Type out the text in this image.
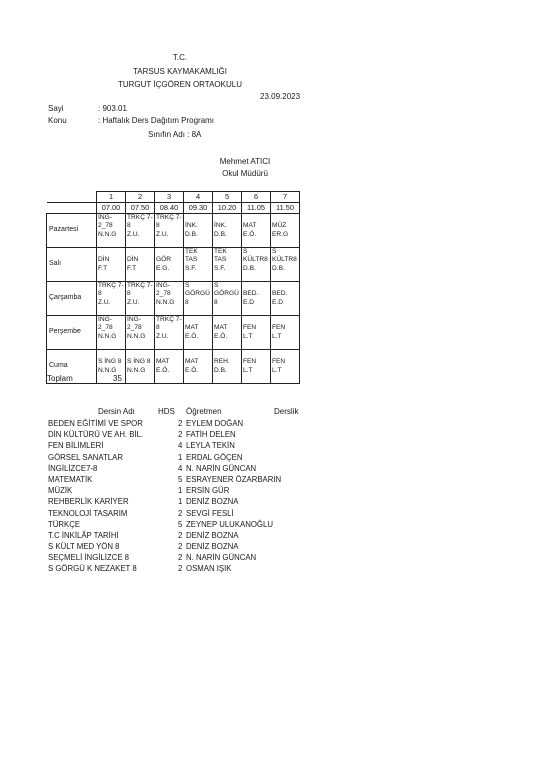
T.C.
TARSUS KAYMAKAMLIĞI
TURGUT İÇGÖREN ORTAOKULU
23.09.2023
Sayi	: 903.01
Konu	: Haftalık Ders Dağıtım Programı
Sınıfın Adı : 8A
Mehmet ATICI
Okul Müdürü
	1	2	3	4	5	6	7
	07.00	07.50	08.40	09.30	10.20	11.05	11.50
Pazartesi	İNG-
2_78
N.N.G	TRKÇ 7-
8
Z.U.	TRKÇ 7-
8
Z.U.	İNK.
D.B.	İNK.
D.B.	MAT
E.Ö.	MÜZ
ER.G
Salı	DİN
F.T	DİN
F.T	GÖR
E.G.	TEK
TAS
S.F.	TEK
TAS
S.F.	S
KÜLTR8
D.B.	S
KÜLTR8
D.B.
Çarşamba	TRKÇ 7-
8
Z.U.	TRKÇ 7-
8
Z.U.	İNG-
2_78
N.N.G	S
GÖRGÜ
8	S
GÖRGÜ
8	BED.
E.D	BED.
E.D
Perşembe	İNG-
2_78
N.N.G	İNG-
2_78
N.N.G	TRKÇ 7-
8
Z.U.	MAT
E.Ö.	MAT
E.Ö.	FEN
L.T	FEN
L.T
Cuma	S İNG 8
N.N.G	S İNG 8
N.N.G	MAT
E.Ö.	MAT
E.Ö.	REH.
D.B.	FEN
L.T	FEN
L.T
Toplam	35
Dersin Adı	HDS Öğretmen	Derslik
BEDEN EĞİTİMİ VE SPOR	2 EYLEM DOĞAN
DİN KÜLTÜRÜ VE AH. BİL.	2 FATİH DELEN
FEN BİLİMLERİ	4 LEYLA TEKİN
GÖRSEL SANATLAR	1 ERDAL GÖÇEN
İNGİLİZCE7-8	4 N. NARİN GÜNCAN
MATEMATİK	5 ESRAYENER ÖZARBARIN
MÜZİK	1 ERSİN GÜR
REHBERLİK KARİYER	1 DENİZ BOZNA
TEKNOLOJİ TASARIM	2 SEVGİ FESLİ
TÜRKÇE	5 ZEYNEP ULUKANOĞLU
T.C İNKİLÂP TARİHİ	2 DENİZ BOZNA
S KÜLT MED YÖN 8	2 DENİZ BOZNA
SEÇMELİ İNGİLİZCE 8	2 N. NARİN GÜNCAN
S GÖRGÜ K NEZAKET 8	2 OSMAN IŞIK
